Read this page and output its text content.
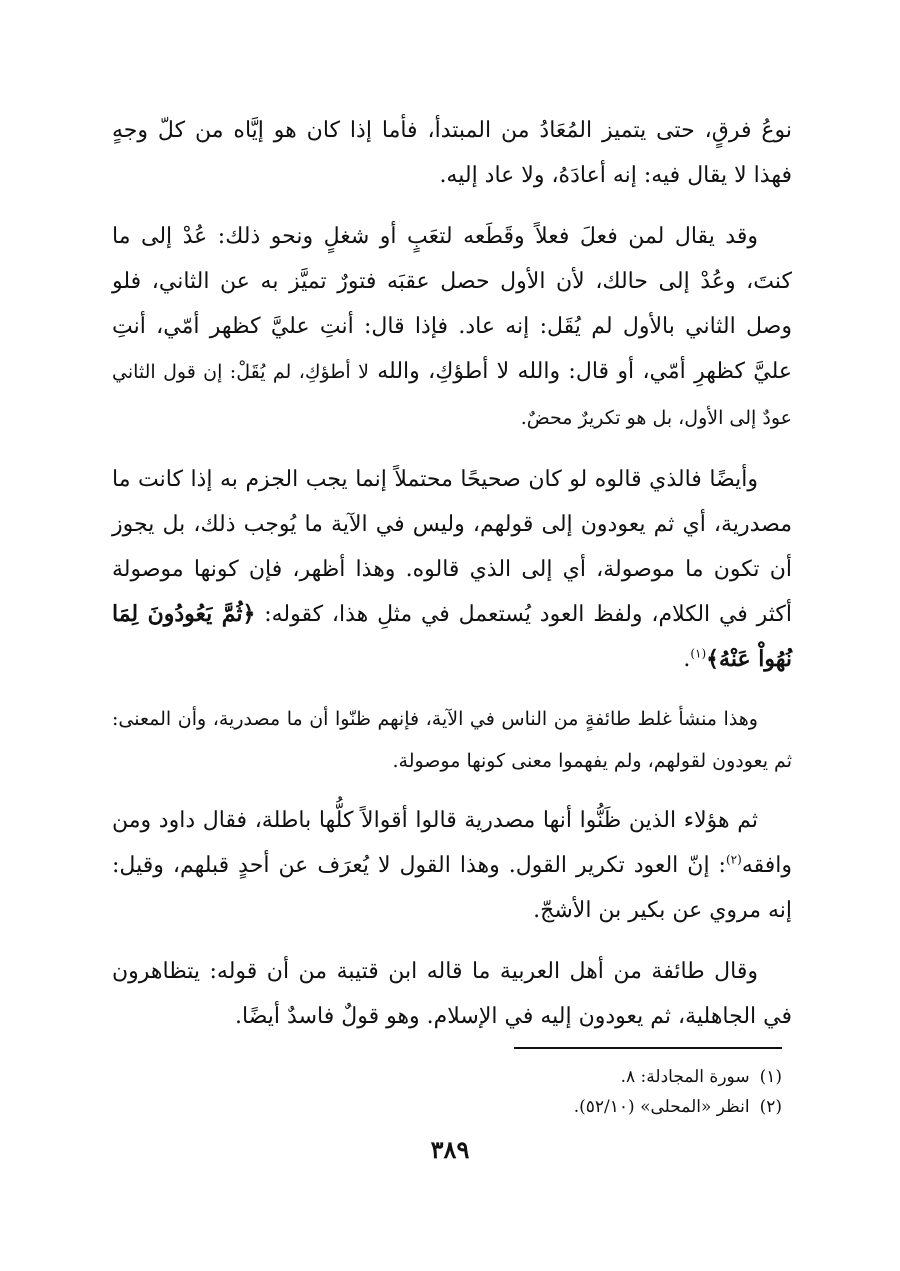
نوعُ فرقٍ، حتى يتميز المُعَادُ من المبتدأ، فأما إذا كان هو إيَّاه من كلّ وجهٍ فهذا لا يقال فيه: إنه أعادَهُ، ولا عاد إليه.

وقد يقال لمن فعلَ فعلاً وقَطَعه لتعَبٍ أو شغلٍ ونحو ذلك: عُدْ إلى ما كنتَ، وعُدْ إلى حالك، لأن الأول حصل عقبَه فتورٌ تميَّز به عن الثاني، فلو وصل الثاني بالأول لم يُقَل: إنه عاد. فإذا قال: أنتِ عليَّ كظهر أمّي، أنتِ عليَّ كظهرِ أمّي، أو قال: والله لا أطؤكِ، والله لا أطؤكِ، لم يُقَلْ: إن قول الثاني عودٌ إلى الأول، بل هو تكريرٌ محضٌ.

وأيضًا فالذي قالوه لو كان صحيحًا محتملاً إنما يجب الجزم به إذا كانت ما مصدرية، أي ثم يعودون إلى قولهم، وليس في الآية ما يُوجب ذلك، بل يجوز أن تكون ما موصولة، أي إلى الذي قالوه. وهذا أظهر، فإن كونها موصولة أكثر في الكلام، ولفظ العود يُستعمل في مثلِ هذا، كقوله: ﴿ثُمَّ يَعُودُونَ لِمَا نُهُواْ عَنْهُ﴾$^{(١)}$.

وهذا منشأ غلط طائفةٍ من الناس في الآية، فإنهم ظنّوا أن ما مصدرية، وأن المعنى: ثم يعودون لقولهم، ولم يفهموا معنى كونها موصولة.

ثم هؤلاء الذين ظَنُّوا أنها مصدرية قالوا أقوالاً كلُّها باطلة، فقال داود ومن وافقه$^{(٢)}$: إنّ العود تكرير القول. وهذا القول لا يُعرَف عن أحدٍ قبلهم، وقيل: إنه مروي عن بكير بن الأشجّ.

وقال طائفة من أهل العربية ما قاله ابن قتيبة من أن قوله: يتظاهرون في الجاهلية، ثم يعودون إليه في الإسلام. وهو قولٌ فاسدٌ أيضًا.

(١)سورة المجادلة: ٨.

(٢)انظر «المحلى» (٥٢/١٠).

٣٨٩
